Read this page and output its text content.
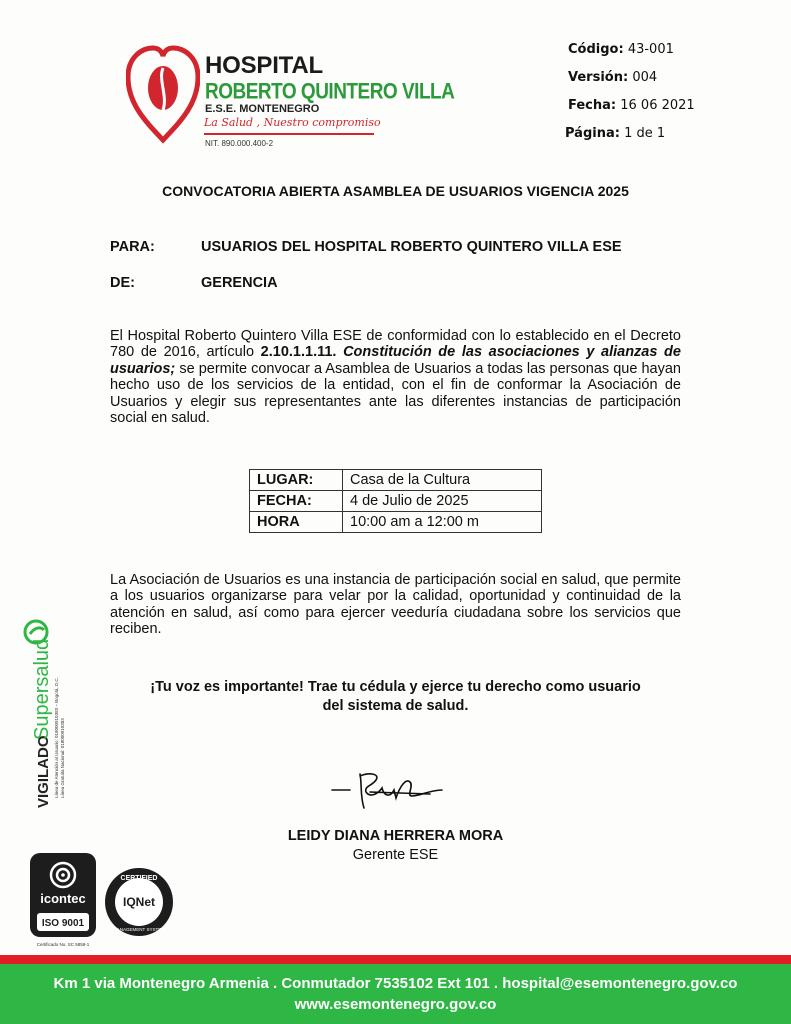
HOSPITAL
ROBERTO QUINTERO VILLA
E.S.E. MONTENEGRO
La Salud , Nuestro compromiso
NIT. 890.000.400-2
Código: 43-001
Versión: 004
Fecha: 16 06 2021
Página: 1 de 1
CONVOCATORIA ABIERTA ASAMBLEA DE USUARIOS VIGENCIA 2025
PARA:	USUARIOS DEL HOSPITAL ROBERTO QUINTERO VILLA ESE
DE:	GERENCIA
El Hospital Roberto Quintero Villa ESE de conformidad con lo establecido en el Decreto 780 de 2016, artículo 2.10.1.1.11. Constitución de las asociaciones y alianzas de usuarios; se permite convocar a Asamblea de Usuarios a todas las personas que hayan hecho uso de los servicios de la entidad, con el fin de conformar la Asociación de Usuarios y elegir sus representantes ante las diferentes instancias de participación social en salud.
LUGAR:	Casa de la Cultura
FECHA:	4 de Julio de 2025
HORA	10:00 am a 12:00 m
La Asociación de Usuarios es una instancia de participación social en salud, que permite a los usuarios organizarse para velar por la calidad, oportunidad y continuidad de la atención en salud, así como para ejercer veeduría ciudadana sobre los servicios que reciben.
¡Tu voz es importante! Trae tu cédula y ejerce tu derecho como usuario
del sistema de salud.
LEIDY DIANA HERRERA MORA
Gerente ESE
VIGILADO
Supersalud Línea de Atención al Usuario: 018000910383 – Bogotá, D.C. Línea Gratuita Nacional: 018000910383
icontec
ISO 9001
Certificado No. SC 5858-1
CERTIFIED
IQNet
MANAGEMENT SYSTEM
Km 1 via Montenegro Armenia . Conmutador 7535102 Ext 101 . hospital@esemontenegro.gov.co
www.esemontenegro.gov.co
